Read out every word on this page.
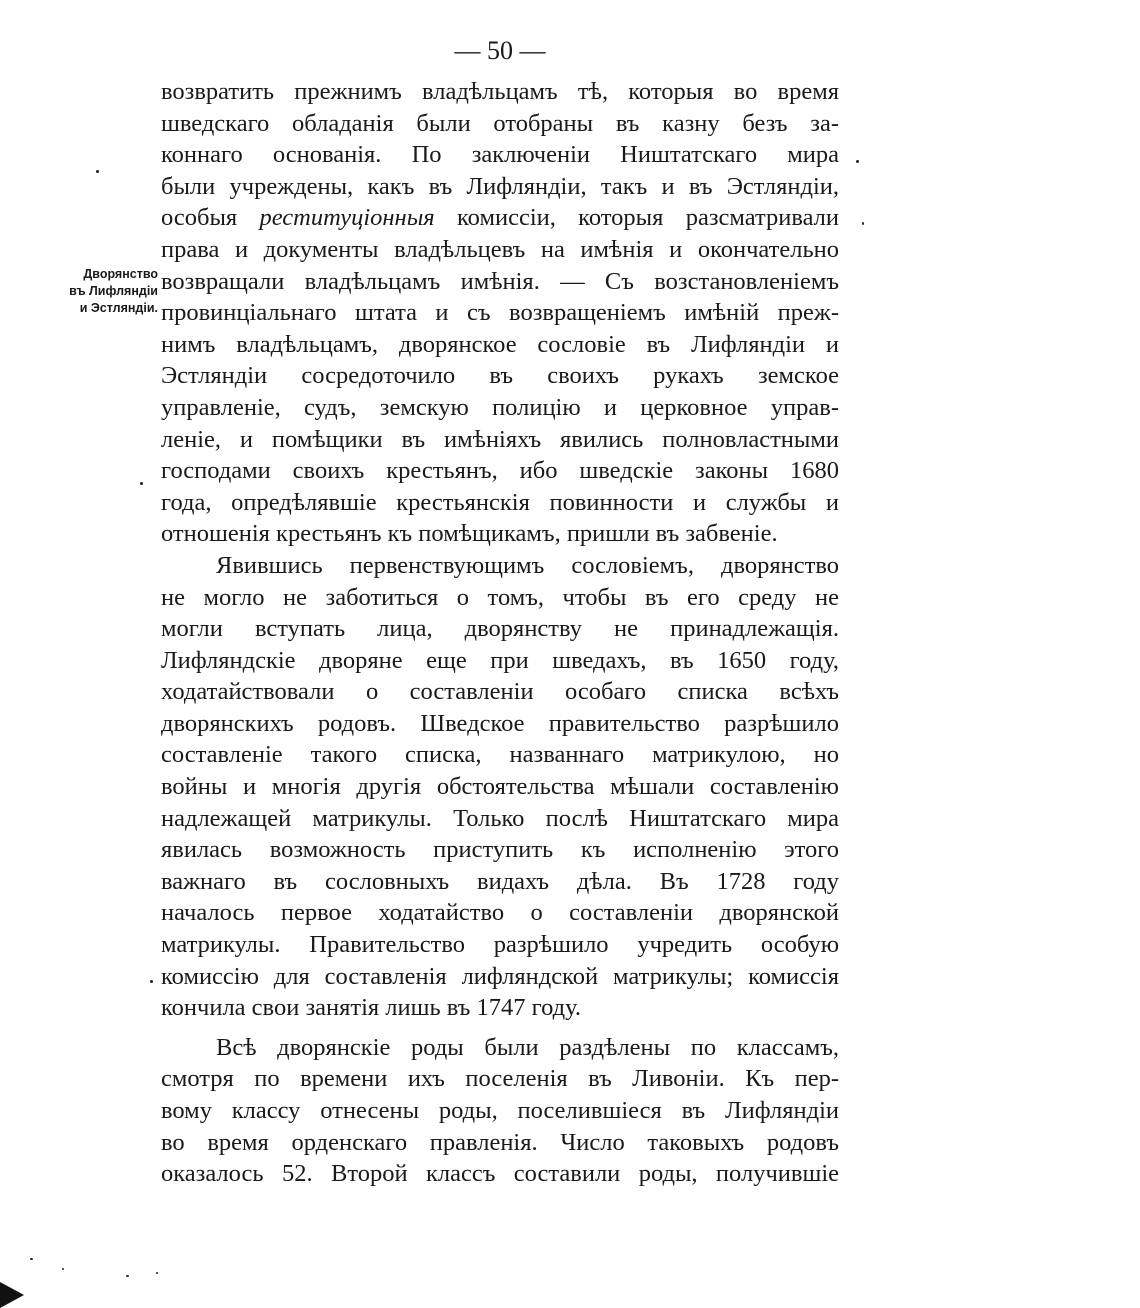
— 50 —
Дворянство
въ Лифляндіи
и Эстляндіи.
возвратить прежнимъ владѣльцамъ тѣ, которыя во время
шведскаго обладанія были отобраны въ казну безъ за-
коннаго основанія. По заключеніи Ништатскаго мира
были учреждены, какъ въ Лифляндіи, такъ и въ Эстляндіи,
особыя реституціонныя комиссіи, которыя разсматривали
права и документы владѣльцевъ на имѣнія и окончательно
возвращали владѣльцамъ имѣнія. — Съ возстановленіемъ
провинціальнаго штата и съ возвращеніемъ имѣній преж-
нимъ владѣльцамъ, дворянское сословіе въ Лифляндіи и
Эстляндіи сосредоточило въ своихъ рукахъ земское
управленіе, судъ, земскую полицію и церковное управ-
леніе, и помѣщики въ имѣніяхъ явились полновластными
господами своихъ крестьянъ, ибо шведскіе законы 1680
года, опредѣлявшіе крестьянскія повинности и службы и
отношенія крестьянъ къ помѣщикамъ, пришли въ забвеніе.
Явившись первенствующимъ сословіемъ, дворянство
не могло не заботиться о томъ, чтобы въ его среду не
могли вступать лица, дворянству не принадлежащія.
Лифляндскіе дворяне еще при шведахъ, въ 1650 году,
ходатайствовали о составленіи особаго списка всѣхъ
дворянскихъ родовъ. Шведское правительство разрѣшило
составленіе такого списка, названнаго матрикулою, но
войны и многія другія обстоятельства мѣшали составленію
надлежащей матрикулы. Только послѣ Ништатскаго мира
явилась возможность приступить къ исполненію этого
важнаго въ сословныхъ видахъ дѣла. Въ 1728 году
началось первое ходатайство о составленіи дворянской
матрикулы. Правительство разрѣшило учредить особую
комиссію для составленія лифляндской матрикулы; комиссія
кончила свои занятія лишь въ 1747 году.
Всѣ дворянскіе роды были раздѣлены по классамъ,
смотря по времени ихъ поселенія въ Ливоніи. Къ пер-
вому классу отнесены роды, поселившіеся въ Лифляндіи
во время орденскаго правленія. Число таковыхъ родовъ
оказалось 52. Второй классъ составили роды, получившіе
